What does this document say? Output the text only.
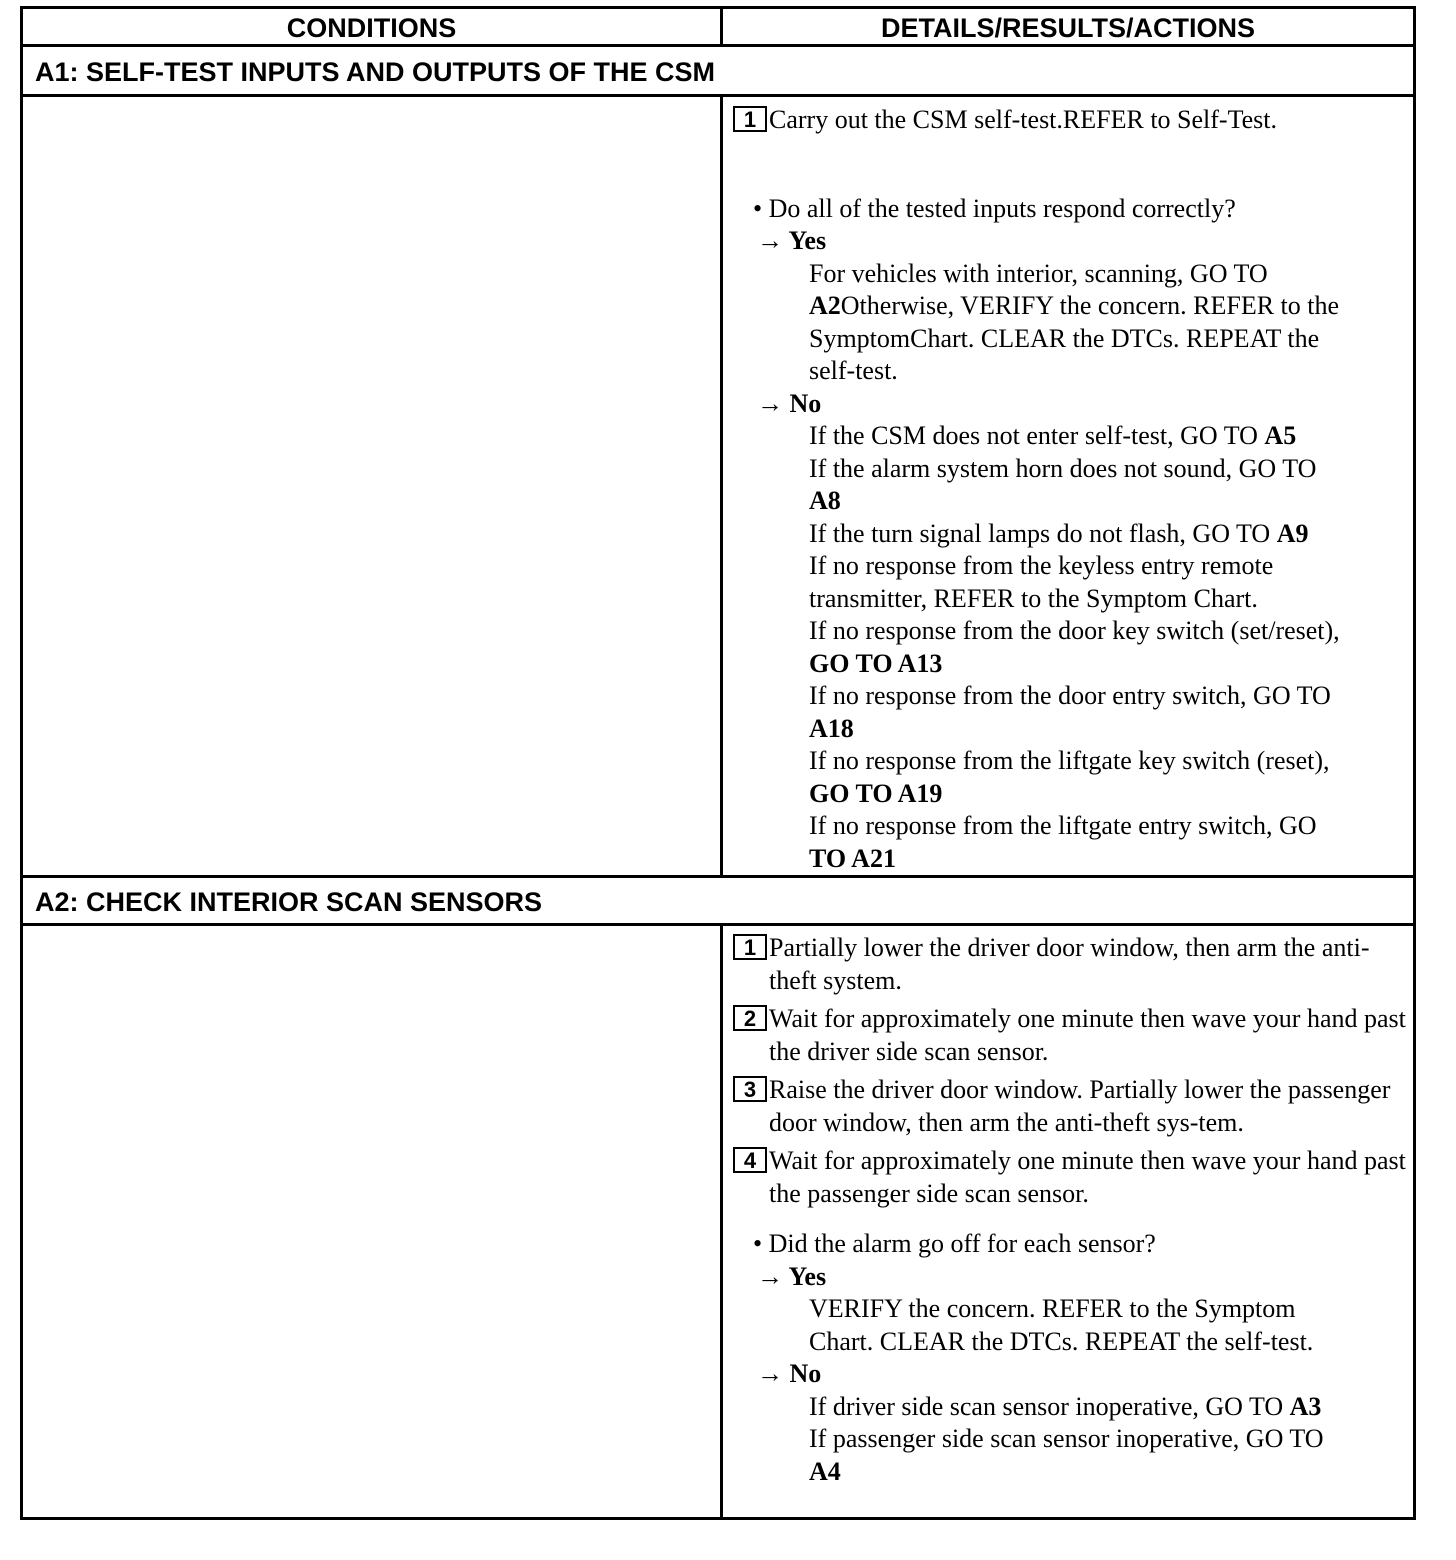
CONDITIONS	DETAILS/RESULTS/ACTIONS
A1: SELF-TEST INPUTS AND OUTPUTS OF THE CSM
1 Carry out the CSM self-test.REFER to Self-Test.
• Do all of the tested inputs respond correctly?
→ Yes
For vehicles with interior, scanning, GO TO
A2Otherwise, VERIFY the concern. REFER to the
SymptomChart. CLEAR the DTCs. REPEAT the
self-test.
→ No
If the CSM does not enter self-test, GO TO A5
If the alarm system horn does not sound, GO TO
A8
If the turn signal lamps do not flash, GO TO A9
If no response from the keyless entry remote
transmitter, REFER to the Symptom Chart.
If no response from the door key switch (set/reset),
GO TO A13
If no response from the door entry switch, GO TO
A18
If no response from the liftgate key switch (reset),
GO TO A19
If no response from the liftgate entry switch, GO
TO A21
A2: CHECK INTERIOR SCAN SENSORS
1 Partially lower the driver door window, then arm the anti-theft system.
2 Wait for approximately one minute then wave your hand past the driver side scan sensor.
3 Raise the driver door window. Partially lower the passenger door window, then arm the anti-theft sys-tem.
4 Wait for approximately one minute then wave your hand past the passenger side scan sensor.
• Did the alarm go off for each sensor?
→ Yes
VERIFY the concern. REFER to the Symptom
Chart. CLEAR the DTCs. REPEAT the self-test.
→ No
If driver side scan sensor inoperative, GO TO A3
If passenger side scan sensor inoperative, GO TO
A4
